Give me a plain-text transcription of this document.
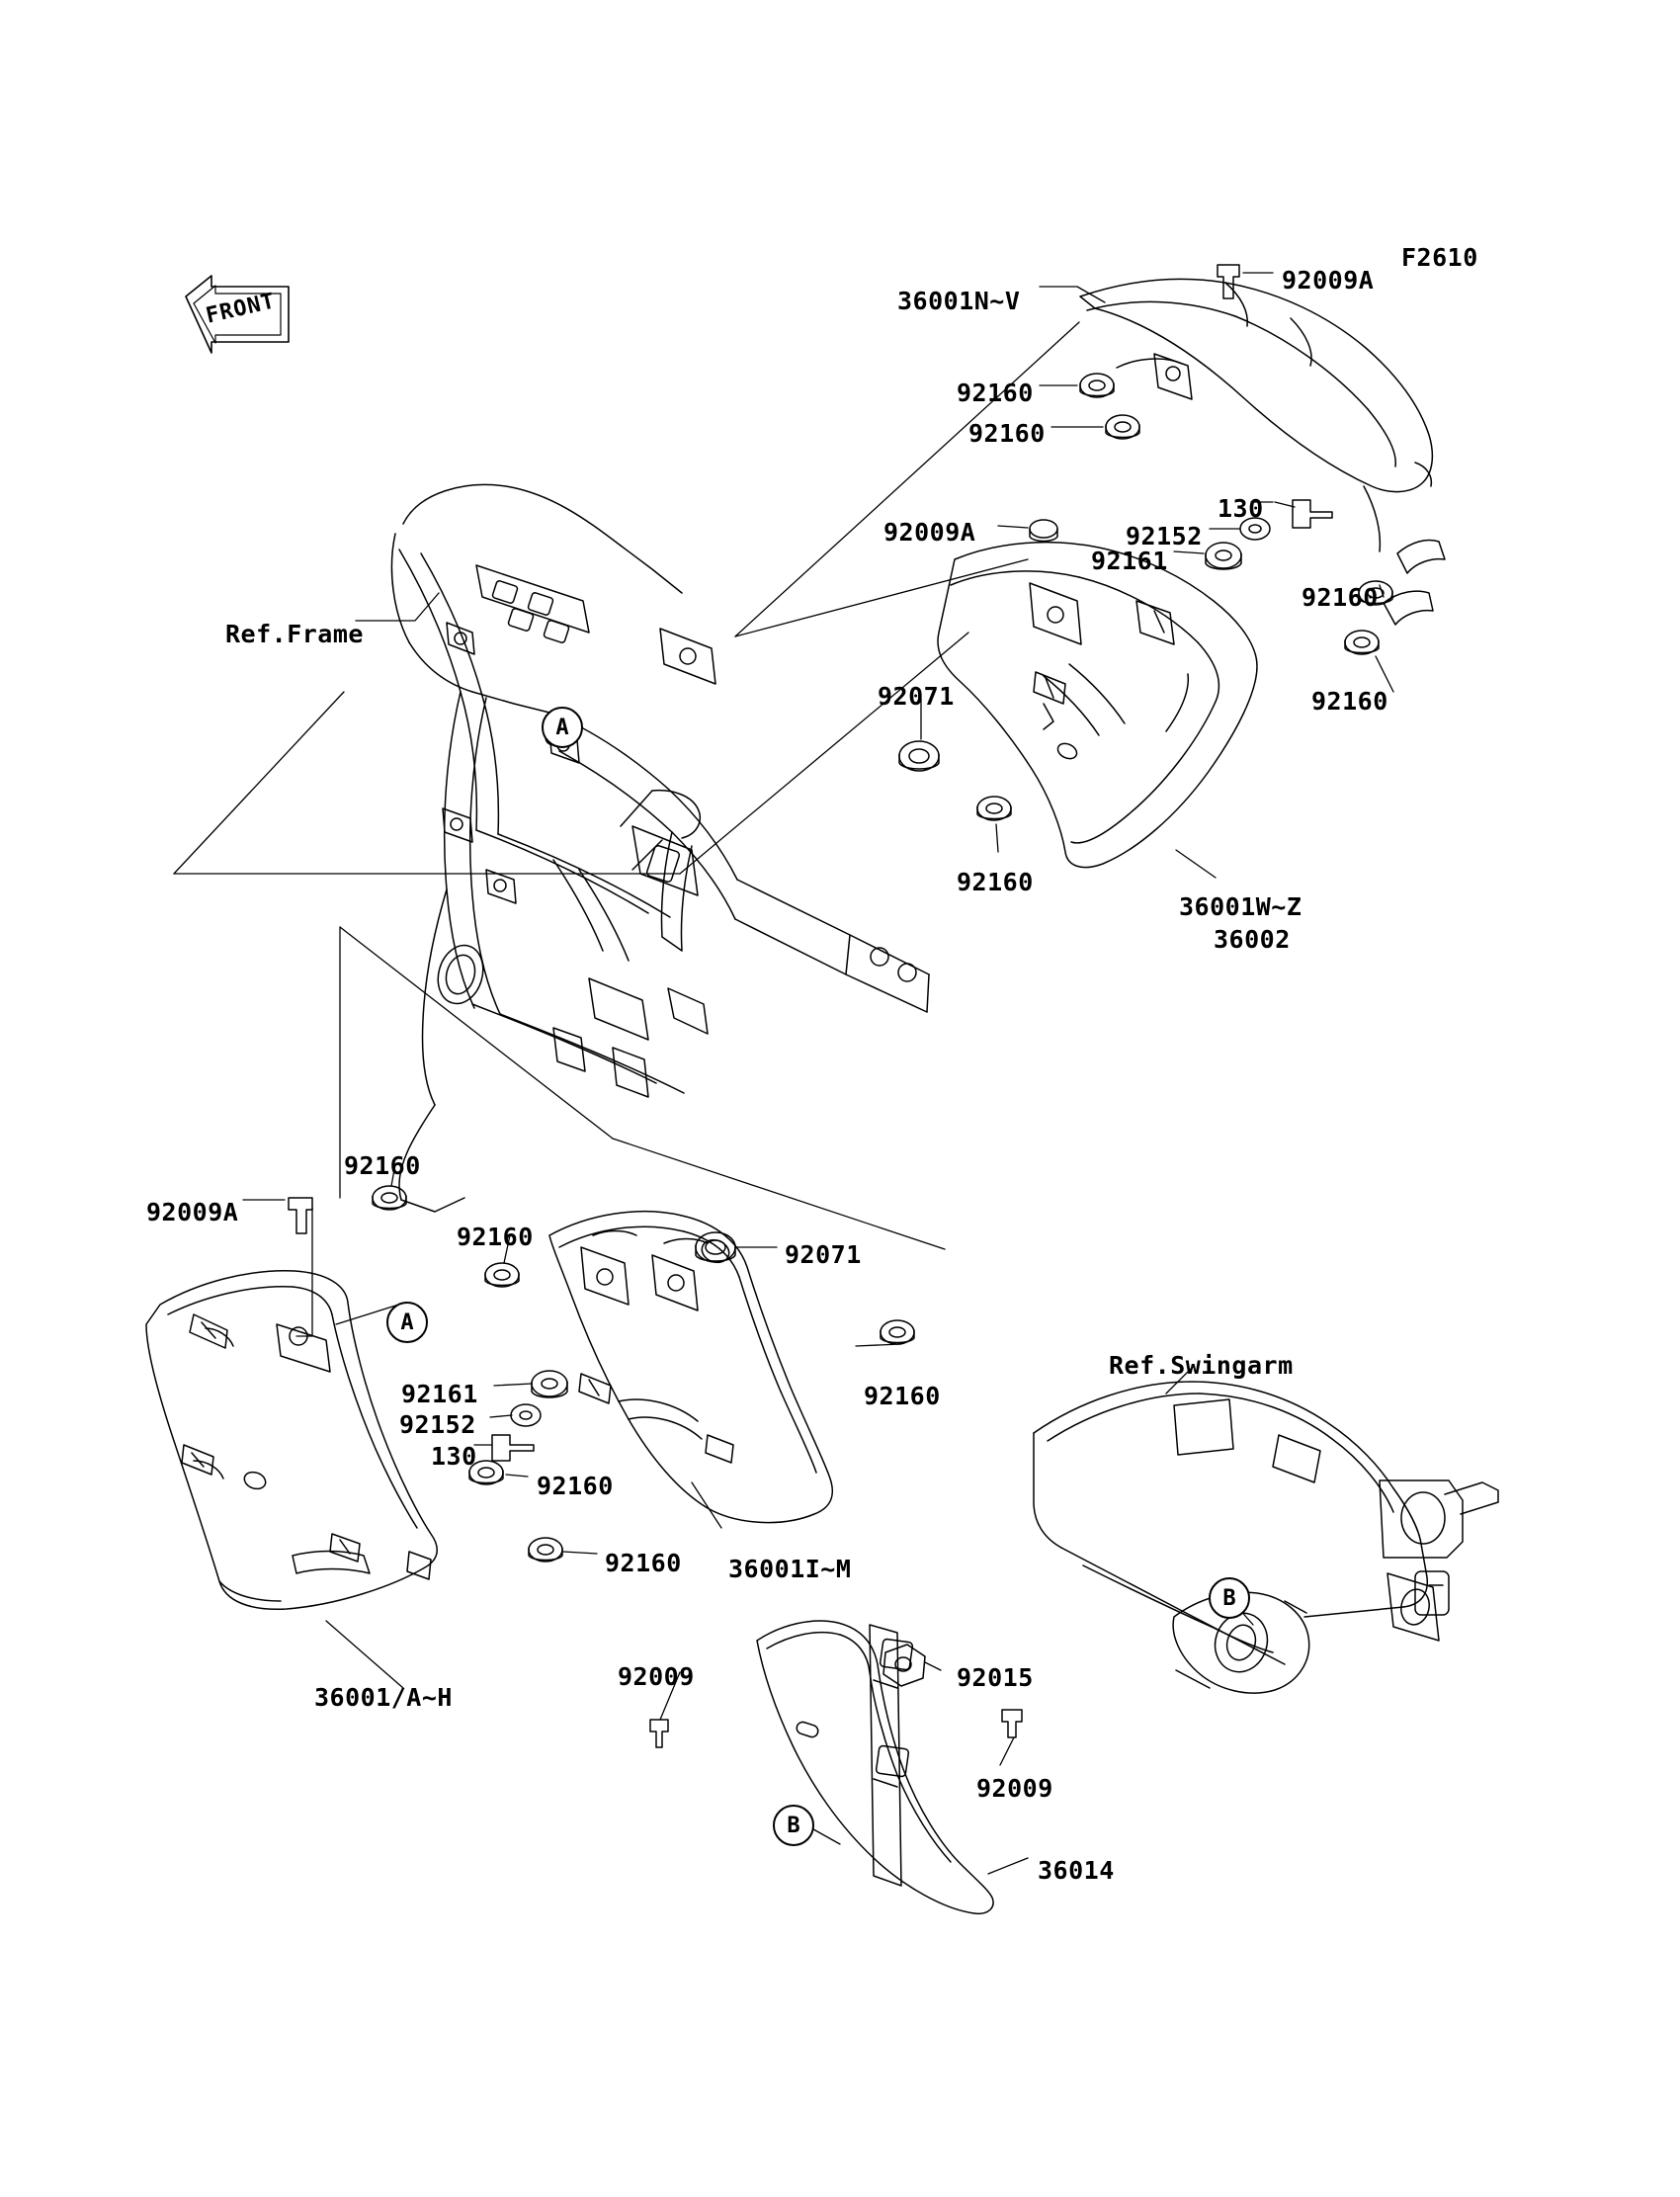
FRONT
F2610
36001N~V
92009A
92160
92160
130
92009A	92152
92161
92160
92160
Ref.Frame
92071
92160
36001W~Z
36002
92160
92009A
92160
92071
Ref.Swingarm
92161
92152
130
92160
92160
92160 36001I~M
36001/A~H
92009	92015
92009
36014
A
A
B
B
